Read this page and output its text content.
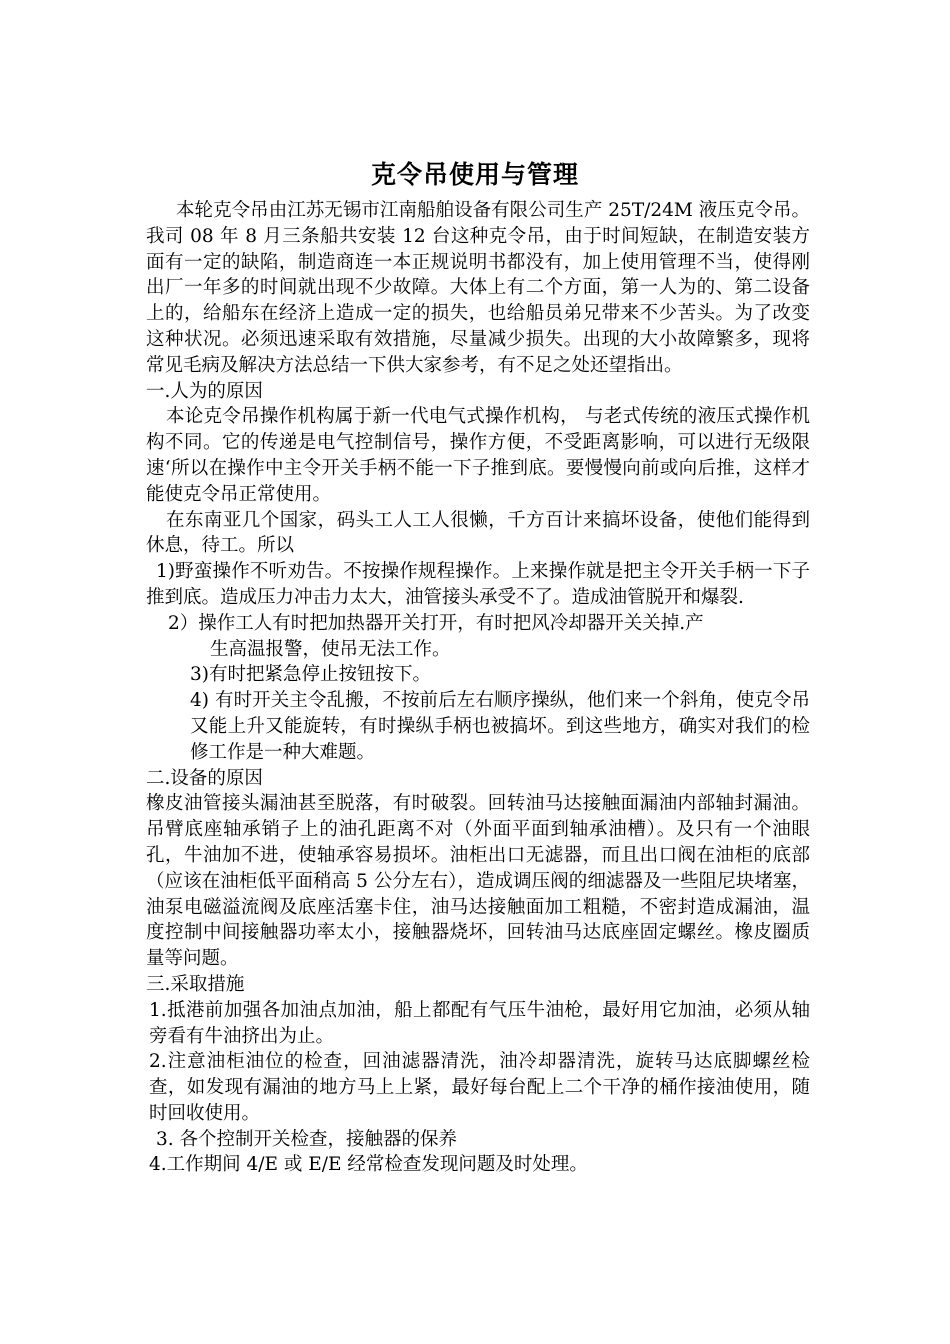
克令吊使用与管理

本轮克令吊由江苏无锡市江南船舶设备有限公司生产 25T/24M 液压克令吊。我司 08 年 8 月三条船共安装 12 台这种克令吊，由于时间短缺，在制造安装方面有一定的缺陷，制造商连一本正规说明书都没有，加上使用管理不当，使得刚出厂一年多的时间就出现不少故障。大体上有二个方面，第一人为的、第二设备上的，给船东在经济上造成一定的损失，也给船员弟兄带来不少苦头。为了改变这种状况。必须迅速采取有效措施，尽量减少损失。出现的大小故障繁多，现将常见毛病及解决方法总结一下供大家参考，有不足之处还望指出。

一.人为的原因

本论克令吊操作机构属于新一代电气式操作机构， 与老式传统的液压式操作机构不同。它的传递是电气控制信号，操作方便，不受距离影响，可以进行无级限速‘所以在操作中主令开关手柄不能一下子推到底。要慢慢向前或向后推，这样才能使克令吊正常使用。

在东南亚几个国家，码头工人工人很懒，千方百计来搞坏设备，使他们能得到休息，待工。所以

1)野蛮操作不听劝告。不按操作规程操作。上来操作就是把主令开关手柄一下子推到底。造成压力冲击力太大，油管接头承受不了。造成油管脱开和爆裂.

2）操作工人有时把加热器开关打开，有时把风冷却器开关关掉.产
生高温报警，使吊无法工作。

3)有时把紧急停止按钮按下。

4) 有时开关主令乱搬，不按前后左右顺序操纵，他们来一个斜角，使克令吊又能上升又能旋转，有时操纵手柄也被搞坏。到这些地方，确实对我们的检修工作是一种大难题。

二.设备的原因

橡皮油管接头漏油甚至脱落，有时破裂。回转油马达接触面漏油内部轴封漏油。吊臂底座轴承销子上的油孔距离不对（外面平面到轴承油槽）。及只有一个油眼孔，牛油加不进，使轴承容易损坏。油柜出口无滤器，而且出口阀在油柜的底部（应该在油柜低平面稍高 5 公分左右），造成调压阀的细滤器及一些阻尼块堵塞，油泵电磁溢流阀及底座活塞卡住，油马达接触面加工粗糙，不密封造成漏油，温度控制中间接触器功率太小，接触器烧坏，回转油马达底座固定螺丝。橡皮圈质量等问题。

三.采取措施

1.抵港前加强各加油点加油，船上都配有气压牛油枪，最好用它加油，必须从轴旁看有牛油挤出为止。

2.注意油柜油位的检查，回油滤器清洗，油冷却器清洗，旋转马达底脚螺丝检查，如发现有漏油的地方马上上紧，最好每台配上二个干净的桶作接油使用，随时回收使用。

3. 各个控制开关检查，接触器的保养

4.工作期间 4/E 或 E/E 经常检查发现问题及时处理。
